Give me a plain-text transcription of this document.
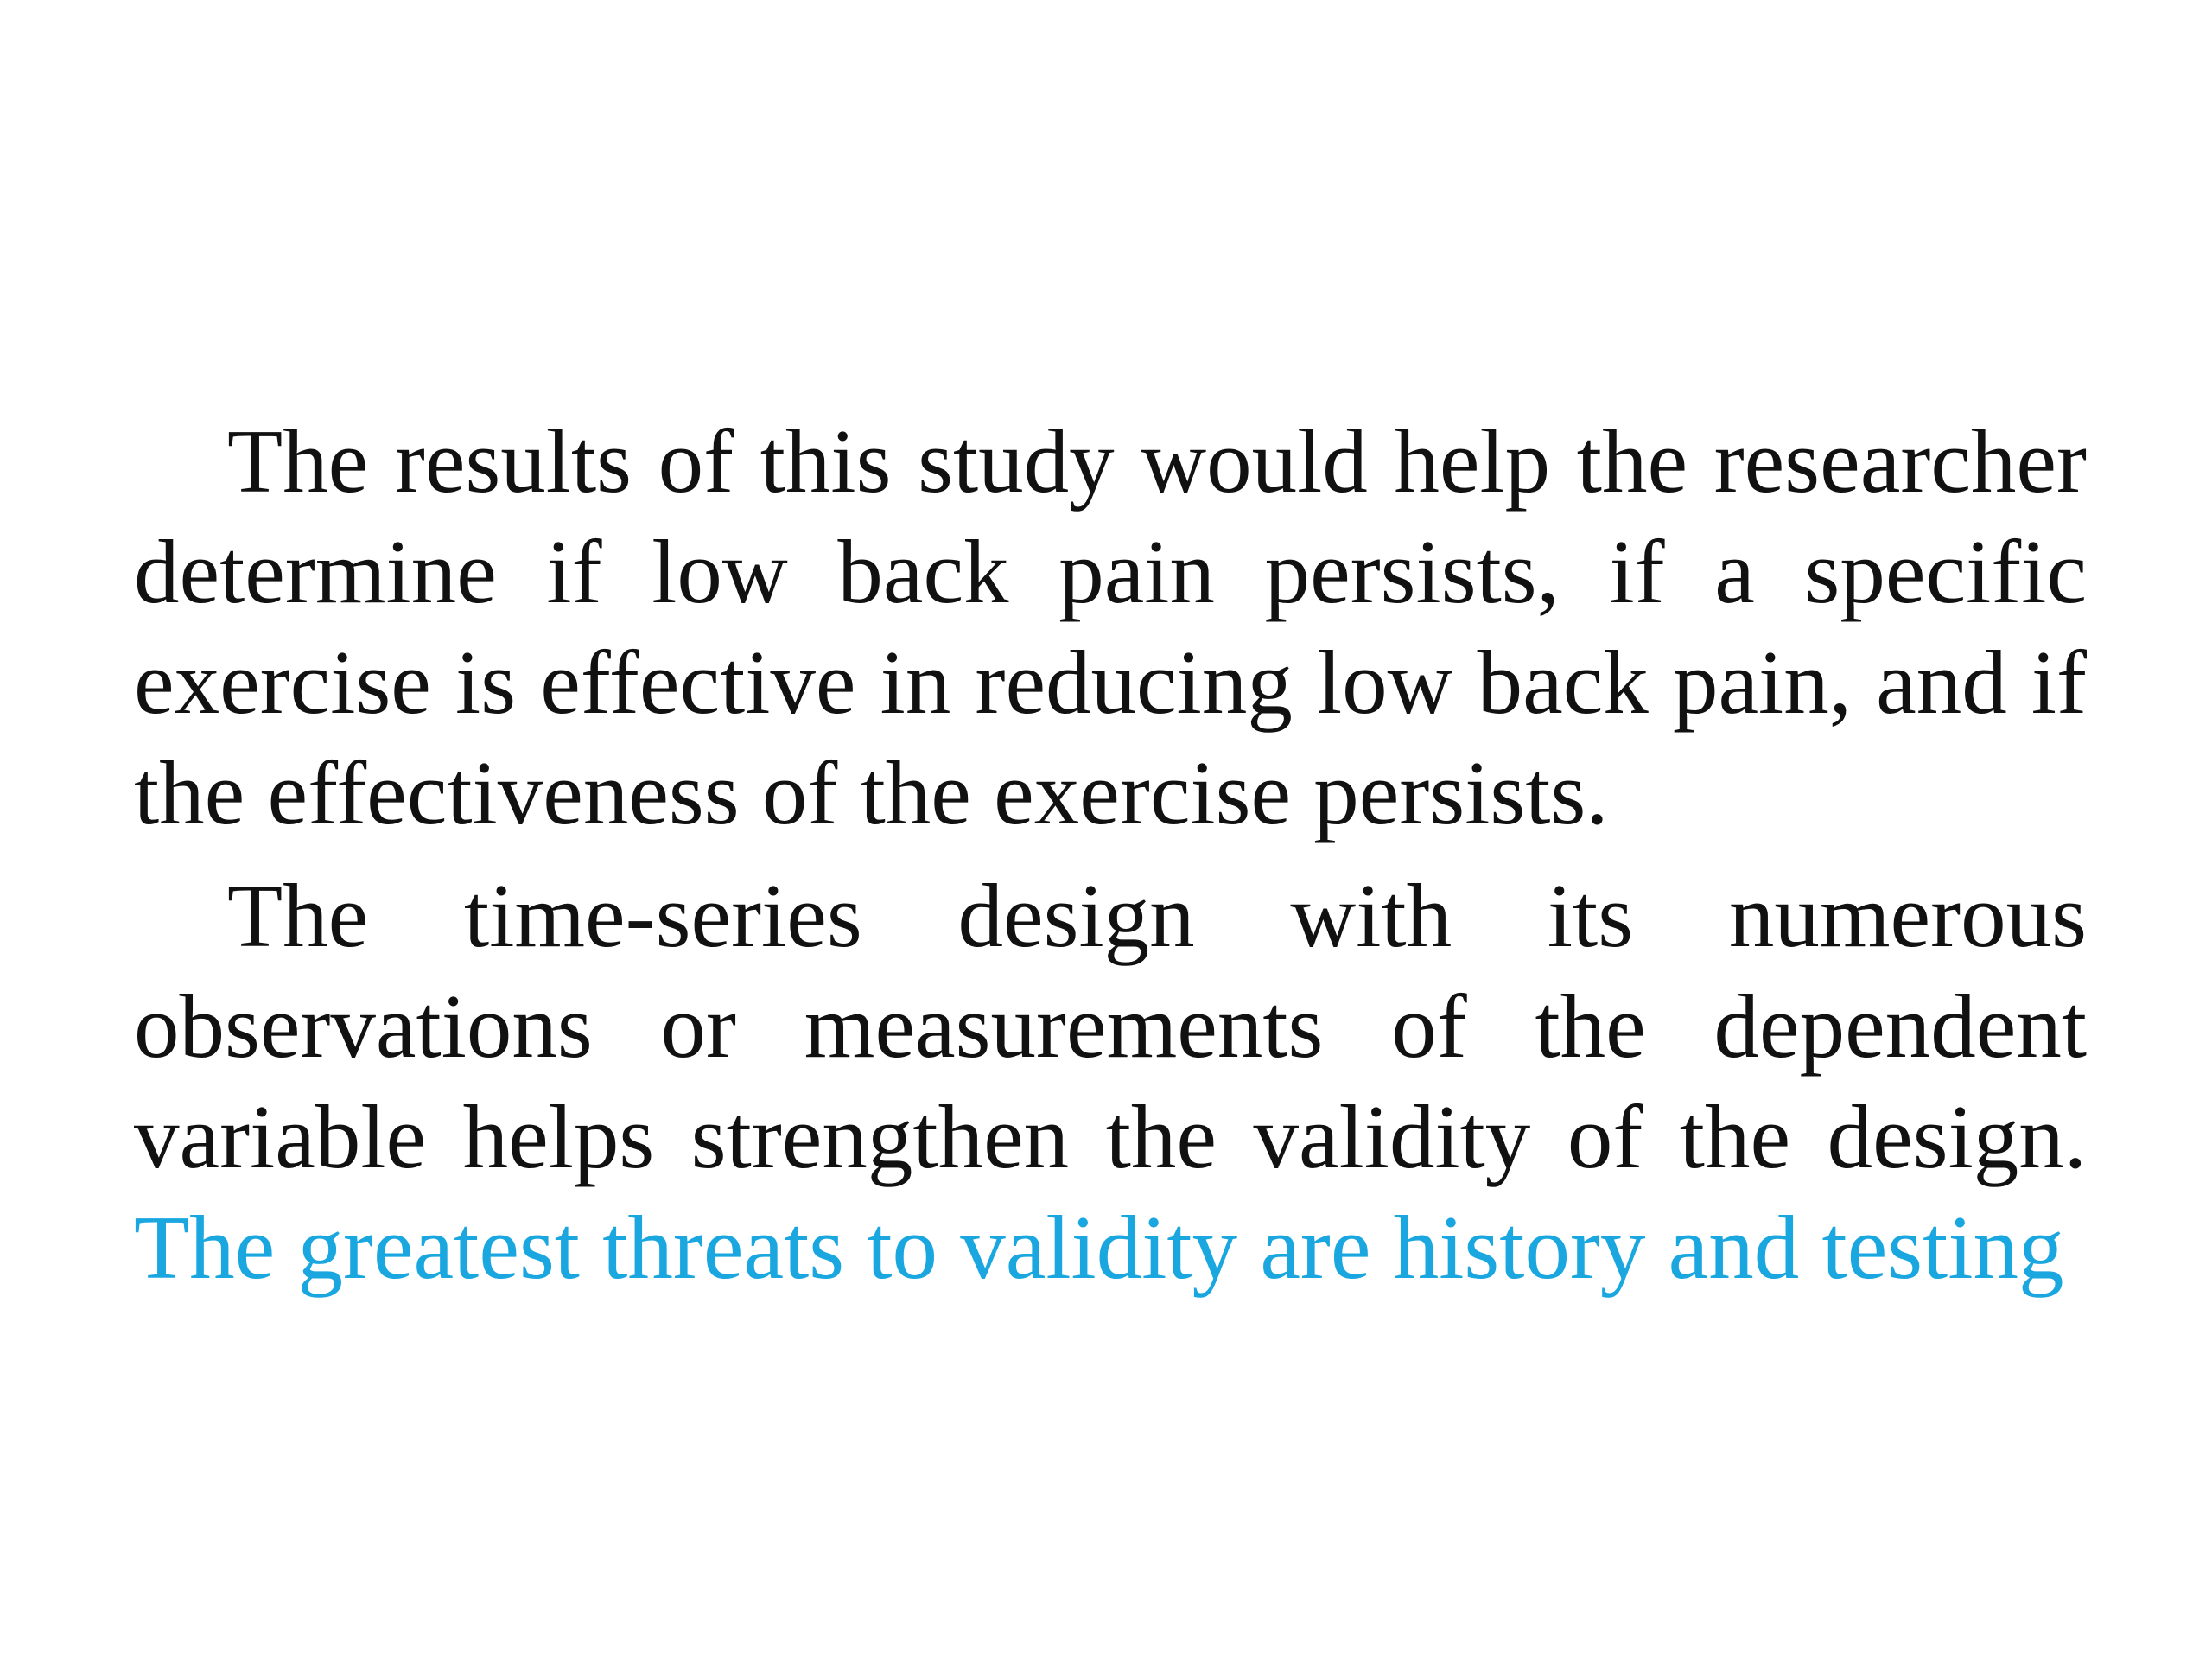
The results of this study would help the researcher determine if low back pain persists, if a specific exercise is effective in reducing low back pain, and if the effectiveness of the exercise persists.

The time-series design with its numerous observations or measurements of the dependent variable helps strengthen the validity of the design. The greatest threats to validity are history and testing
